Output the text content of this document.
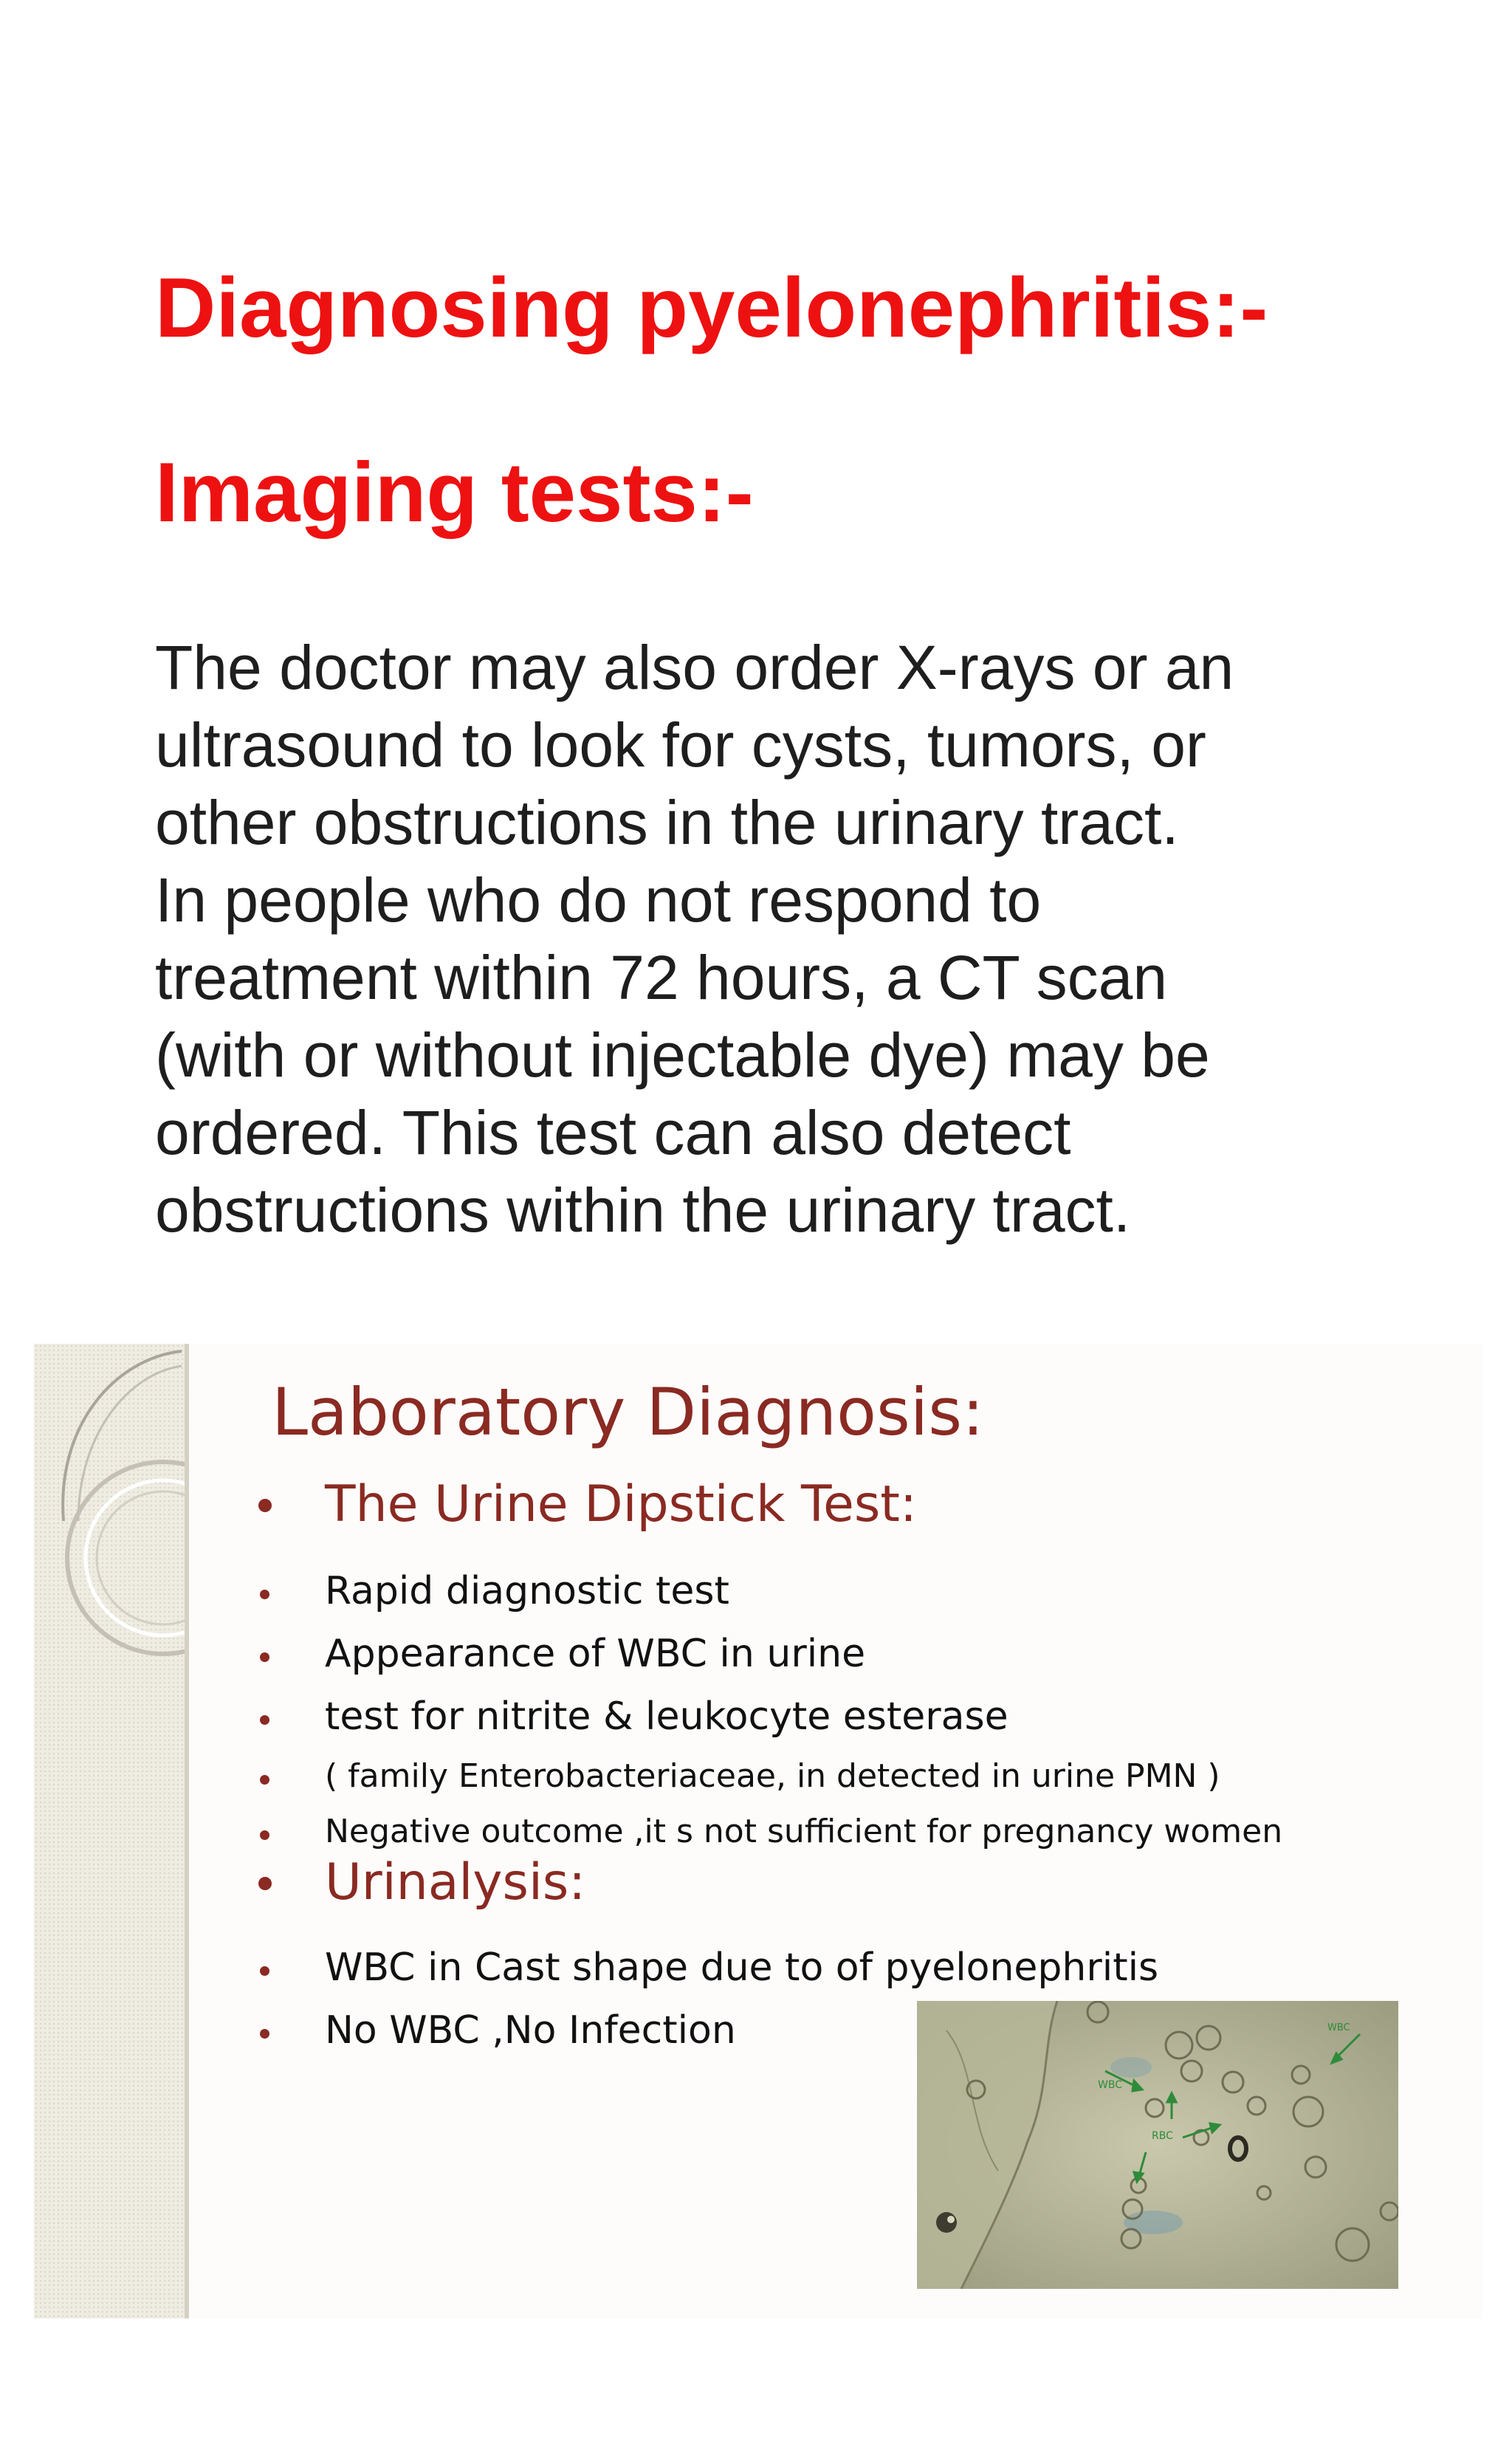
Diagnosing pyelonephritis:-
Imaging tests:-
The doctor may also order X-rays or an
ultrasound to look for cysts, tumors, or
other obstructions in the urinary tract.
In people who do not respond to
treatment within 72 hours, a CT scan
(with or without injectable dye) may be
ordered. This test can also detect
obstructions within the urinary tract.
Laboratory Diagnosis:
The Urine Dipstick Test:
Rapid diagnostic test
Appearance of WBC in urine
test for nitrite & leukocyte esterase
( family Enterobacteriaceae, in detected in urine PMN )
Negative outcome ,it s not sufficient for pregnancy women
Urinalysis:
WBC in Cast shape due to of pyelonephritis
No WBC ,No Infection
WBC
RBC
WBC
